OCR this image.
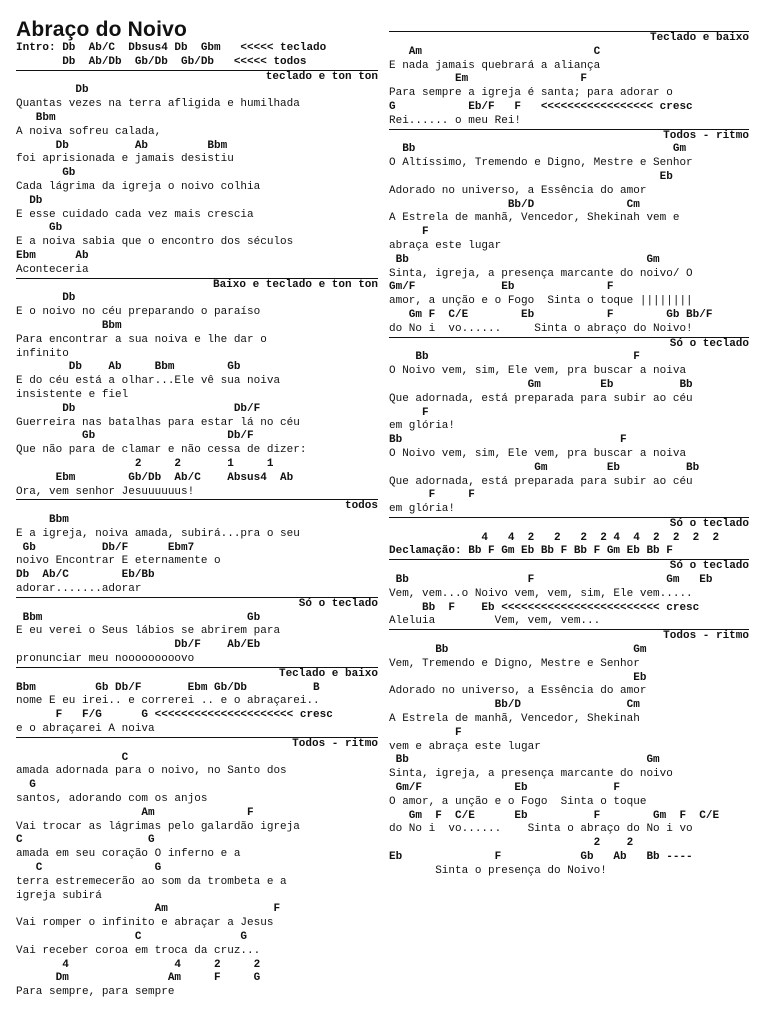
Abraço do Noivo
Intro: Db  Ab/C  Dbsus4 Db  Gbm   <<<<< teclado
Db  Ab/Db  Gb/Db  Gb/Db   <<<<< todos
teclado e ton ton
Db
Quantas vezes na terra afligida e humilhada
Bbm
A noiva sofreu calada,
Db          Ab         Bbm
foi aprisionada e jamais desistiu
Gb
Cada lágrima da igreja o noivo colhia
Db
E esse cuidado cada vez mais crescia
Gb
E a noiva sabia que o encontro dos séculos
Ebm      Ab
Aconteceria
Baixo e teclado e ton ton
Db
E o noivo no céu preparando o paraíso
Bbm
Para encontrar a sua noiva e lhe dar o
infinito
Db    Ab     Bbm        Gb
E do céu está a olhar...Ele vê sua noiva
insistente e fiel
Db                        Db/F
Guerreira nas batalhas para estar lá no céu
Gb                    Db/F
Que não para de clamar e não cessa de dizer:
2     2       1     1
Ebm        Gb/Db  Ab/C    Absus4  Ab
Ora, vem senhor Jesuuuuuus!
todos
Bbm
E a igreja, noiva amada, subirá...pra o seu
Gb          Db/F      Ebm7
noivo Encontrar E eternamente o
Db  Ab/C        Eb/Bb
adorar.......adorar
Só o teclado
Bbm                               Gb
E eu verei o Seus lábios se abrirem para
Db/F    Ab/Eb
pronunciar meu nooooooooovo
Teclado e baixo
Bbm         Gb Db/F       Ebm Gb/Db          B
nome E eu irei.. e correrei .. e o abraçarei..
F   F/G      G <<<<<<<<<<<<<<<<<<<<< cresc
e o abraçarei A noiva
Todos - ritmo
C
amada adornada para o noivo, no Santo dos
G
santos, adorando com os anjos
Am              F
Vai trocar as lágrimas pelo galardão igreja
C                   G
amada em seu coração O inferno e a
C                 G
terra estremecerão ao som da trombeta e a
igreja subirá
Am                F
Vai romper o infinito e abraçar a Jesus
C               G
Vai receber coroa em troca da cruz...
4                4     2     2
Dm               Am     F     G
Para sempre, para sempre
Teclado e baixo
Am                          C
E nada jamais quebrará a aliança
Em                 F
Para sempre a igreja é santa; para adorar o
G           Eb/F   F   <<<<<<<<<<<<<<<<< cresc
Rei...... o meu Rei!
Todos - ritmo
Bb                                       Gm
O Altíssimo, Tremendo e Digno, Mestre e Senhor
Eb
Adorado no universo, a Essência do amor
Bb/D              Cm
A Estrela de manhã, Vencedor, Shekinah vem e
F
abraça este lugar
Bb                                    Gm
Sinta, igreja, a presença marcante do noivo/ O
Gm/F             Eb              F
amor, a unção e o Fogo  Sinta o toque ||||||||
Gm F  C/E        Eb           F        Gb Bb/F
do No i  vo......     Sinta o abraço do Noivo!
Só o teclado
Bb                               F
O Noivo vem, sim, Ele vem, pra buscar a noiva
Gm         Eb          Bb
Que adornada, está preparada para subir ao céu
F
em glória!
Bb                                 F
O Noivo vem, sim, Ele vem, pra buscar a noiva
Gm         Eb          Bb
Que adornada, está preparada para subir ao céu
F     F
em glória!
Só o teclado
4   4  2   2   2  2 4  4  2  2  2  2
Declamação: Bb F Gm Eb Bb F Bb F Gm Eb Bb F
Só o teclado
Bb                  F                    Gm   Eb
Vem, vem...o Noivo vem, vem, sim, Ele vem.....
Bb  F    Eb <<<<<<<<<<<<<<<<<<<<<<<< cresc
Aleluia         Vem, vem, vem...
Todos - ritmo
Bb                            Gm
Vem, Tremendo e Digno, Mestre e Senhor
Eb
Adorado no universo, a Essência do amor
Bb/D                Cm
A Estrela de manhã, Vencedor, Shekinah
F
vem e abraça este lugar
Bb                                    Gm
Sinta, igreja, a presença marcante do noivo
Gm/F              Eb             F
O amor, a unção e o Fogo  Sinta o toque
Gm  F  C/E      Eb          F        Gm  F  C/E
do No i  vo......    Sinta o abraço do No i vo
2    2
Eb              F            Gb   Ab   Bb ----
Sinta o presença do Noivo!
